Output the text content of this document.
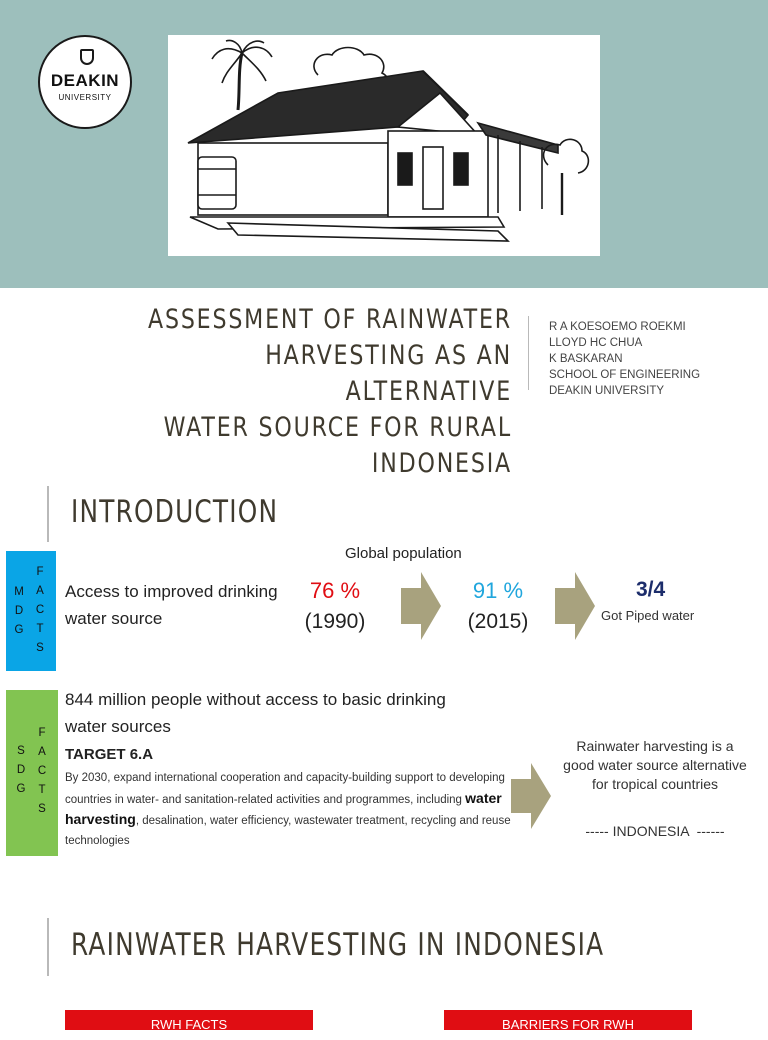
DEAKIN
UNIVERSITY
ASSESSMENT OF RAINWATER
HARVESTING AS AN ALTERNATIVE
WATER SOURCE FOR RURAL INDONESIA
R A KOESOEMO ROEKMI
LLOYD HC CHUA
K BASKARAN
SCHOOL OF ENGINEERING
DEAKIN UNIVERSITY
INTRODUCTION
M
D
G
F
A
C
T
S
Access to improved drinking water source
Global population
76 %
(1990)
91 %
(2015)
3/4
Got Piped water
S
D
G
F
A
C
T
S
844 million people without access to basic drinking water sources
TARGET 6.A
By 2030, expand international cooperation and capacity-building support to developing countries in water- and sanitation-related activities and programmes, including water harvesting, desalination, water efficiency, wastewater treatment, recycling and reuse technologies
Rainwater harvesting is a good water source alternative for tropical countries
----- INDONESIA  ------
RAINWATER HARVESTING IN INDONESIA
RWH FACTS	BARRIERS FOR RWH
